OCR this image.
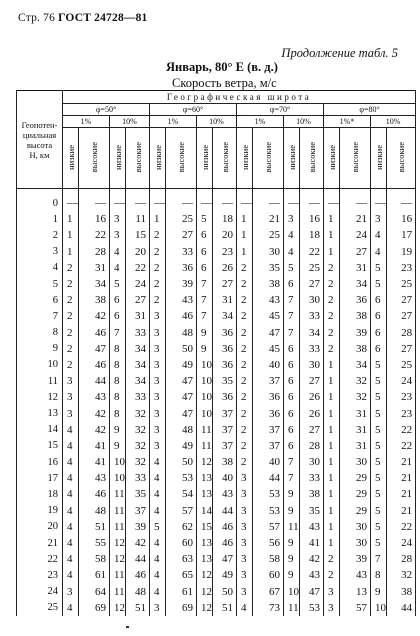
Стр. 76 ГОСТ 24728—81
Продолжение табл. 5
Январь, 80° Е (в. д.)
Скорость ветра, м/с
Геопотен-
циальная
высота
Н, км	Географическая широта															
	φ=50°				φ=60°				φ=70°				φ=80°			
	1%		10%		1%		10%		1%		10%		1%*		10%	
	низкие	высокие	низкие	высокие	низкие	высокие	низкие	высокие	низкие	высокие	низкие	высокие	низкие	высокие	низкие	высокие
0	—	—	—	—	—	—	—	—	—	—	—	—	—	—	—	—
1	1	16	3	11	1	25	5	18	1	21	3	16	1	21	3	16
2	1	22	3	15	2	27	6	20	1	25	4	18	1	24	4	17
3	1	28	4	20	2	33	6	23	1	30	4	22	1	27	4	19
4	2	31	4	22	2	36	6	26	2	35	5	25	2	31	5	23
5	2	34	5	24	2	39	7	27	2	38	6	27	2	34	5	25
6	2	38	6	27	2	43	7	31	2	43	7	30	2	36	6	27
7	2	42	6	31	3	46	7	34	2	45	7	33	2	38	6	27
8	2	46	7	33	3	48	9	36	2	47	7	34	2	39	6	28
9	2	47	8	34	3	50	9	36	2	45	6	33	2	38	6	27
10	2	46	8	34	3	49	10	36	2	40	6	30	1	34	5	25
11	3	44	8	34	3	47	10	35	2	37	6	27	1	32	5	24
12	3	43	8	33	3	47	10	36	2	36	6	26	1	32	5	23
13	3	42	8	32	3	47	10	37	2	36	6	26	1	31	5	23
14	4	42	9	32	3	48	11	37	2	37	6	27	1	31	5	22
15	4	41	9	32	3	49	11	37	2	37	6	28	1	31	5	22
16	4	41	10	32	4	50	12	38	2	40	7	30	1	30	5	21
17	4	43	10	33	4	53	13	40	3	44	7	33	1	29	5	21
18	4	46	11	35	4	54	13	43	3	53	9	38	1	29	5	21
19	4	48	11	37	4	57	14	44	3	53	9	35	1	29	5	21
20	4	51	11	39	5	62	15	46	3	57	11	43	1	30	5	22
21	4	55	12	42	4	60	13	46	3	56	9	41	1	30	5	24
22	4	58	12	44	4	63	13	47	3	58	9	42	2	39	7	28
23	4	61	11	46	4	65	12	49	3	60	9	43	2	43	8	32
24	3	64	11	48	4	61	12	50	3	67	10	47	3	13	9	38
25	4	69	12	51	3	69	12	51	4	73	11	53	3	57	10	44
